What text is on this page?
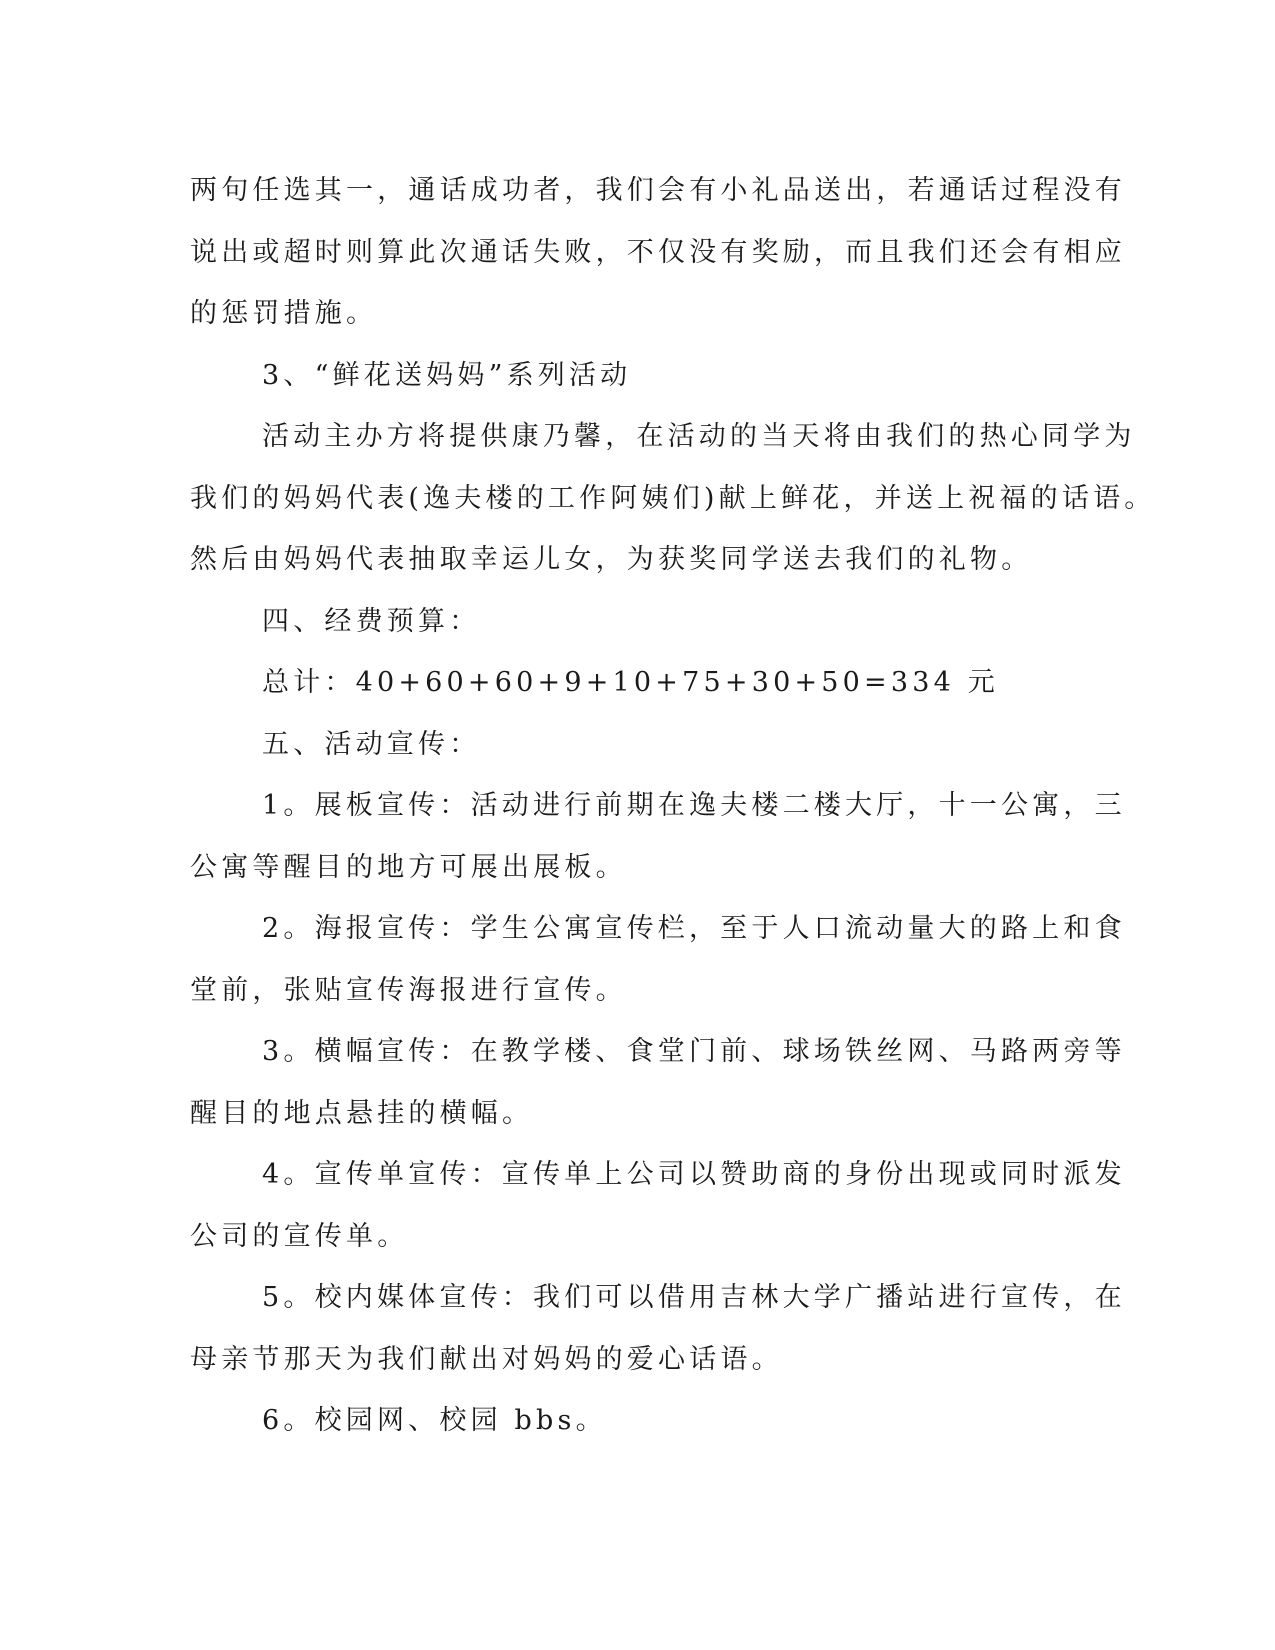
两句任选其一，通话成功者，我们会有小礼品送出，若通话过程没有

说出或超时则算此次通话失败，不仅没有奖励，而且我们还会有相应

的惩罚措施。

3、“鲜花送妈妈”系列活动

活动主办方将提供康乃馨，在活动的当天将由我们的热心同学为

我们的妈妈代表(逸夫楼的工作阿姨们)献上鲜花，并送上祝福的话语。

然后由妈妈代表抽取幸运儿女，为获奖同学送去我们的礼物。

四、经费预算：

总计：40+60+60+9+10+75+30+50=334 元

五、活动宣传：

1。展板宣传：活动进行前期在逸夫楼二楼大厅，十一公寓，三

公寓等醒目的地方可展出展板。

2。海报宣传：学生公寓宣传栏，至于人口流动量大的路上和食

堂前，张贴宣传海报进行宣传。

3。横幅宣传：在教学楼、食堂门前、球场铁丝网、马路两旁等

醒目的地点悬挂的横幅。

4。宣传单宣传：宣传单上公司以赞助商的身份出现或同时派发

公司的宣传单。

5。校内媒体宣传：我们可以借用吉林大学广播站进行宣传，在

母亲节那天为我们献出对妈妈的爱心话语。

6。校园网、校园 bbs。
